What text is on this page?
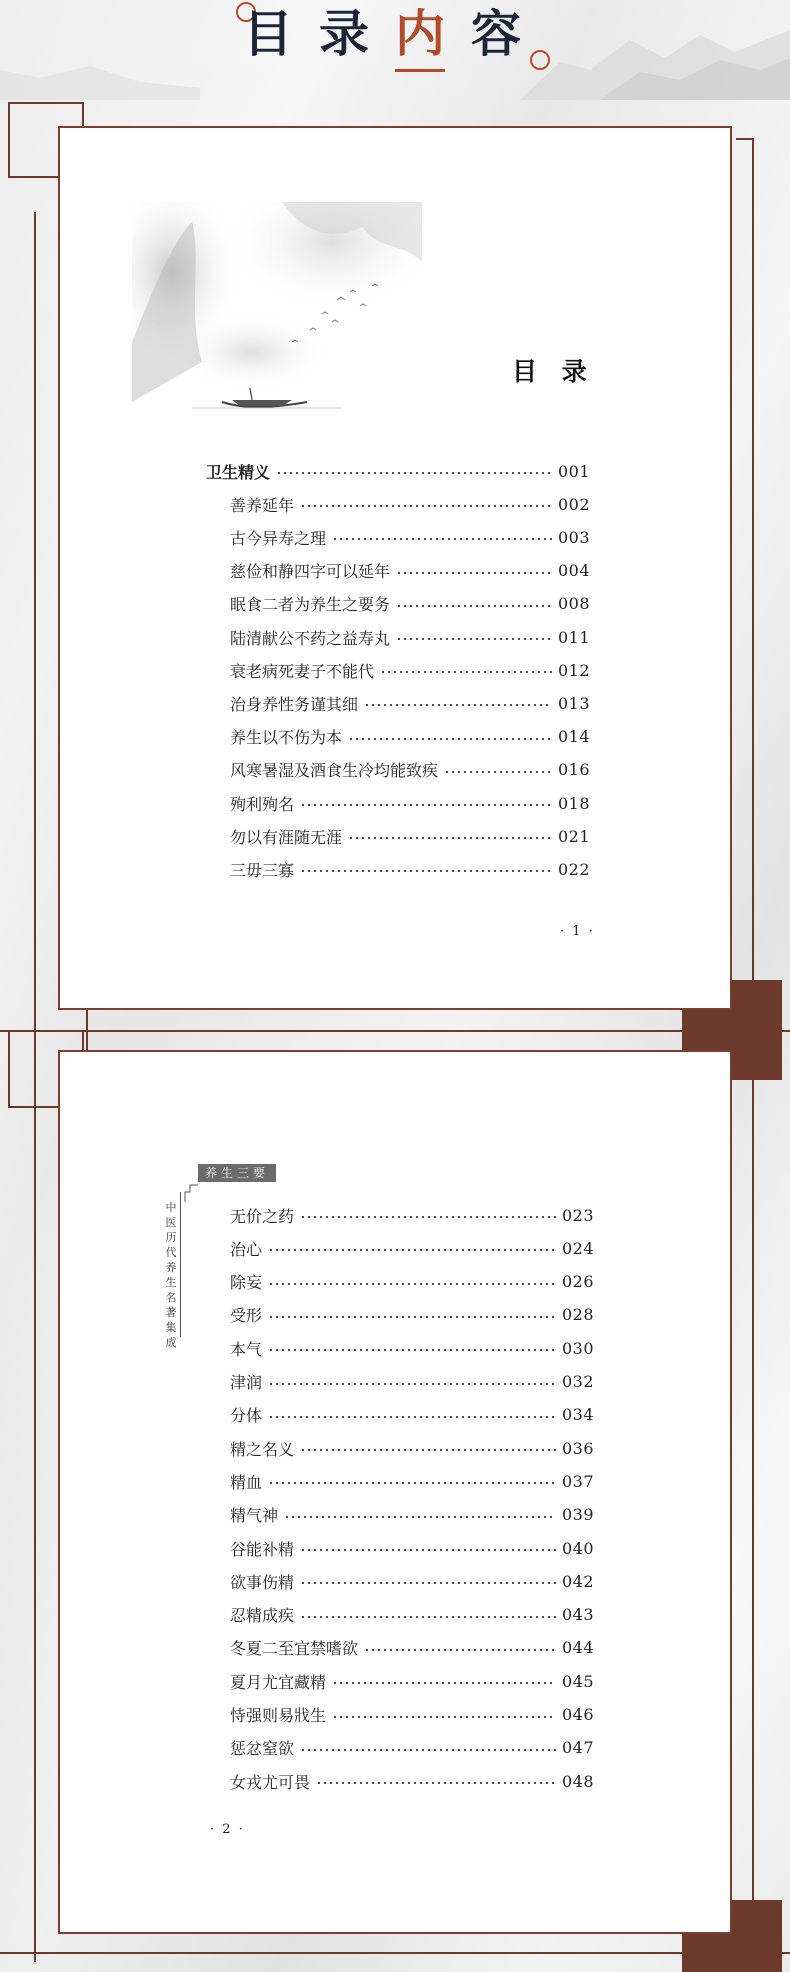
目录内容
目 录
卫生精义	001
善养延年	002
古今异寿之理	003
慈俭和静四字可以延年	004
眠食二者为养生之要务	008
陆清献公不药之益寿丸	011
衰老病死妻子不能代	012
治身养性务谨其细	013
养生以不伤为本	014
风寒暑湿及酒食生冷均能致疾	016
殉利殉名	018
勿以有涯随无涯	021
三毋三寡	022
· 1 ·
养生三要
中医历代养生名著集成
无价之药	023
治心	024
除妄	026
受形	028
本气	030
津润	032
分体	034
精之名义	036
精血	037
精气神	039
谷能补精	040
欲事伤精	042
忍精成疾	043
冬夏二至宜禁嗜欲	044
夏月尤宜藏精	045
恃强则易戕生	046
惩忿窒欲	047
女戎尤可畏	048
· 2 ·
